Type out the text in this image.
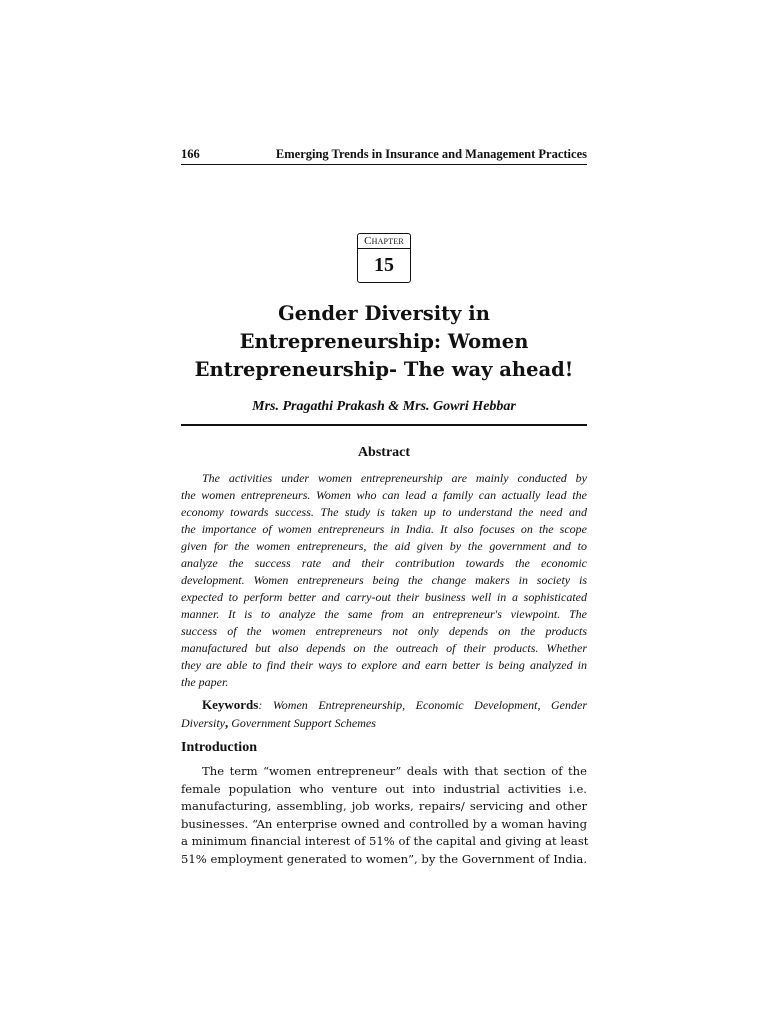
166	Emerging Trends in Insurance and Management Practices
Chapter
15
Gender Diversity in
Entrepreneurship: Women
Entrepreneurship- The way ahead!
Mrs. Pragathi Prakash & Mrs. Gowri Hebbar
Abstract

The activities under women entrepreneurship are mainly conducted by
the women entrepreneurs. Women who can lead a family can actually lead the
economy towards success. The study is taken up to understand the need and
the importance of women entrepreneurs in India. It also focuses on the scope
given for the women entrepreneurs, the aid given by the government and to
analyze the success rate and their contribution towards the economic
development. Women entrepreneurs being the change makers in society is
expected to perform better and carry-out their business well in a sophisticated
manner. It is to analyze the same from an entrepreneur's viewpoint. The
success of the women entrepreneurs not only depends on the products
manufactured but also depends on the outreach of their products. Whether
they are able to find their ways to explore and earn better is being analyzed in
the paper.

Keywords: Women Entrepreneurship, Economic Development, Gender
Diversity, Government Support Schemes

Introduction

The term “women entrepreneur” deals with that section of the
female population who venture out into industrial activities i.e.
manufacturing, assembling, job works, repairs/ servicing and other
businesses. “An enterprise owned and controlled by a woman having
a minimum financial interest of 51% of the capital and giving at least
51% employment generated to women”, by the Government of India.
